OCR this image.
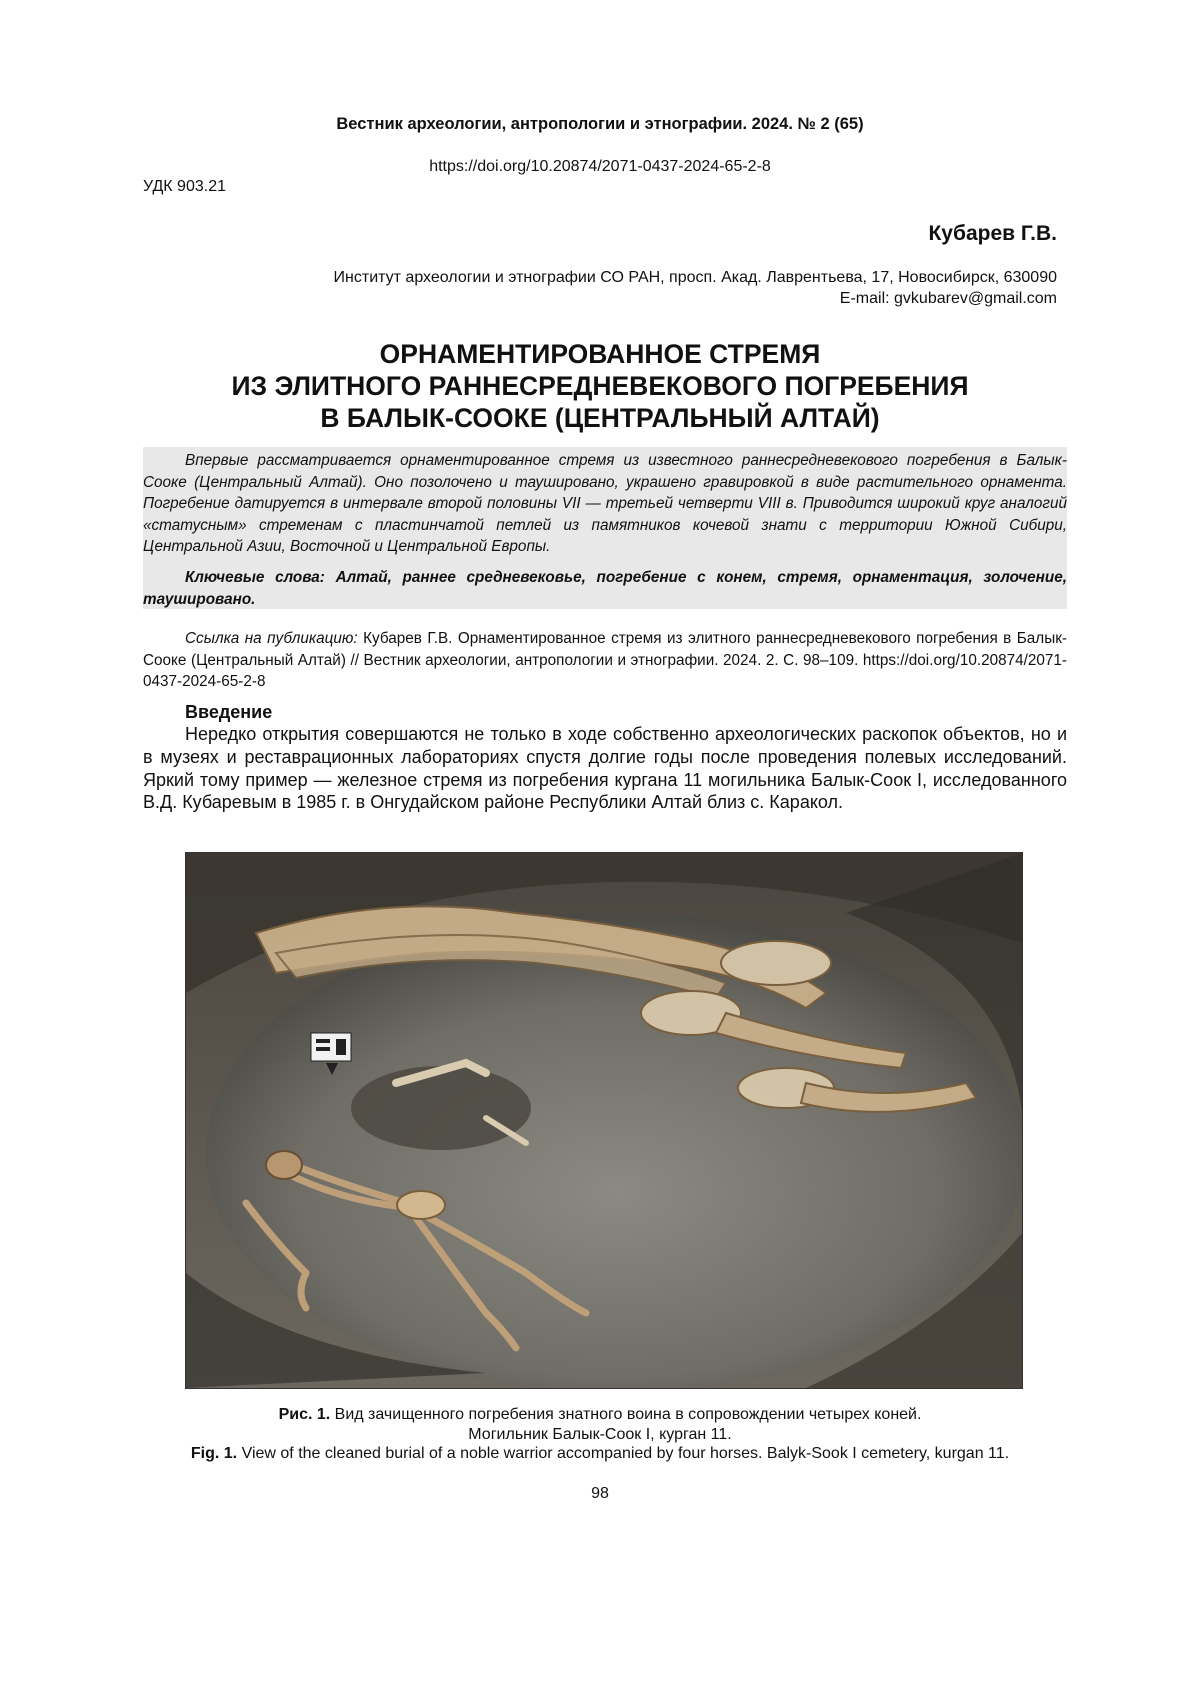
Вестник археологии, антропологии и этнографии. 2024. № 2 (65)
https://doi.org/10.20874/2071-0437-2024-65-2-8
УДК 903.21
Кубарев Г.В.
Институт археологии и этнографии СО РАН, просп. Акад. Лаврентьева, 17, Новосибирск, 630090
E-mail: gvkubarev@gmail.com
ОРНАМЕНТИРОВАННОЕ СТРЕМЯ
ИЗ ЭЛИТНОГО РАННЕСРЕДНЕВЕКОВОГО ПОГРЕБЕНИЯ
В БАЛЫК-СООКЕ (ЦЕНТРАЛЬНЫЙ АЛТАЙ)
Впервые рассматривается орнаментированное стремя из известного раннесредневекового погребения в Балык-Сооке (Центральный Алтай). Оно позолочено и таушировано, украшено гравировкой в виде растительного орнамента. Погребение датируется в интервале второй половины VII — третьей четверти VIII в. Приводится широкий круг аналогий «статусным» стременам с пластинчатой петлей из памятников кочевой знати с территории Южной Сибири, Центральной Азии, Восточной и Центральной Европы.
Ключевые слова: Алтай, раннее средневековье, погребение с конем, стремя, орнаментация, золочение, таушировано.
Ссылка на публикацию: Кубарев Г.В. Орнаментированное стремя из элитного раннесредневекового погребения в Балык-Сооке (Центральный Алтай) // Вестник археологии, антропологии и этнографии. 2024. 2. С. 98–109. https://doi.org/10.20874/2071-0437-2024-65-2-8
Введение
Нередко открытия совершаются не только в ходе собственно археологических раскопок объектов, но и в музеях и реставрационных лабораториях спустя долгие годы после проведения полевых исследований. Яркий тому пример — железное стремя из погребения кургана 11 могильника Балык-Соок I, исследованного В.Д. Кубаревым в 1985 г. в Онгудайском районе Республики Алтай близ с. Каракол.
Рис. 1. Вид зачищенного погребения знатного воина в сопровождении четырех коней.
Могильник Балык-Соок I, курган 11.
Fig. 1. View of the cleaned burial of a noble warrior accompanied by four horses. Balyk-Sook I cemetery, kurgan 11.
98
